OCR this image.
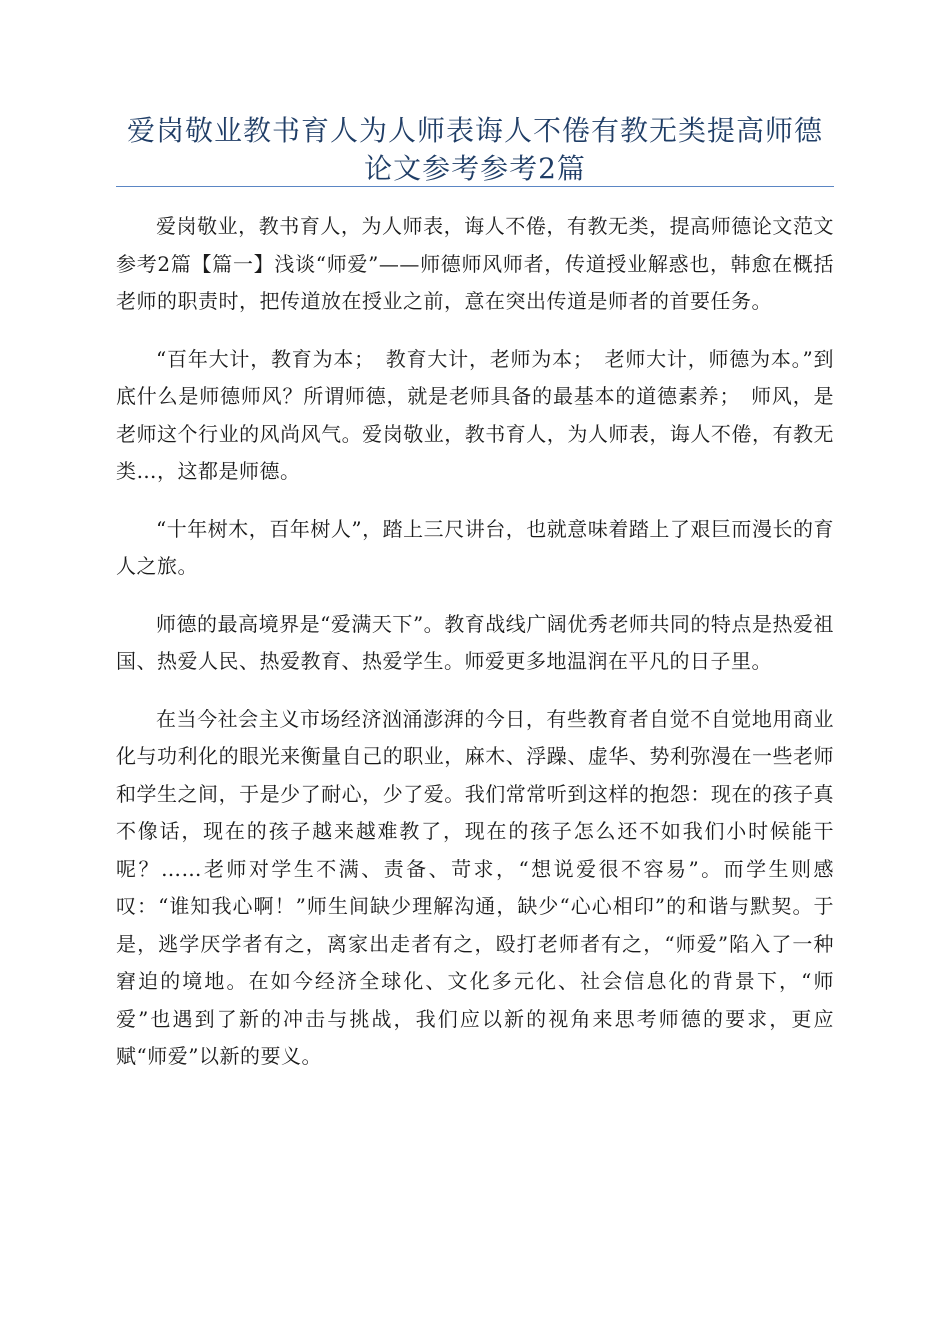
爱岗敬业教书育人为人师表诲人不倦有教无类提高师德论文参考参考2篇

爱岗敬业，教书育人，为人师表，诲人不倦，有教无类，提高师德论文范文参考2篇【篇一】浅谈“师爱”——师德师风师者，传道授业解惑也，韩愈在概括老师的职责时，把传道放在授业之前，意在突出传道是师者的首要任务。

“百年大计，教育为本；　教育大计，老师为本；　老师大计，师德为本。”到底什么是师德师风？所谓师德，就是老师具备的最基本的道德素养；　师风，是老师这个行业的风尚风气。爱岗敬业，教书育人，为人师表，诲人不倦，有教无类…，这都是师德。

“十年树木，百年树人”，踏上三尺讲台，也就意味着踏上了艰巨而漫长的育人之旅。

师德的最高境界是“爱满天下”。教育战线广阔优秀老师共同的特点是热爱祖国、热爱人民、热爱教育、热爱学生。师爱更多地温润在平凡的日子里。

在当今社会主义市场经济汹涌澎湃的今日，有些教育者自觉不自觉地用商业化与功利化的眼光来衡量自己的职业，麻木、浮躁、虚华、势利弥漫在一些老师和学生之间，于是少了耐心，少了爱。我们常常听到这样的抱怨：现在的孩子真不像话，现在的孩子越来越难教了，现在的孩子怎么还不如我们小时候能干呢？……老师对学生不满、责备、苛求，“想说爱很不容易”。而学生则感叹：“谁知我心啊！”师生间缺少理解沟通，缺少“心心相印”的和谐与默契。于是，逃学厌学者有之，离家出走者有之，殴打老师者有之，“师爱”陷入了一种窘迫的境地。在如今经济全球化、文化多元化、社会信息化的背景下，“师爱”也遇到了新的冲击与挑战，我们应以新的视角来思考师德的要求，更应赋“师爱”以新的要义。
